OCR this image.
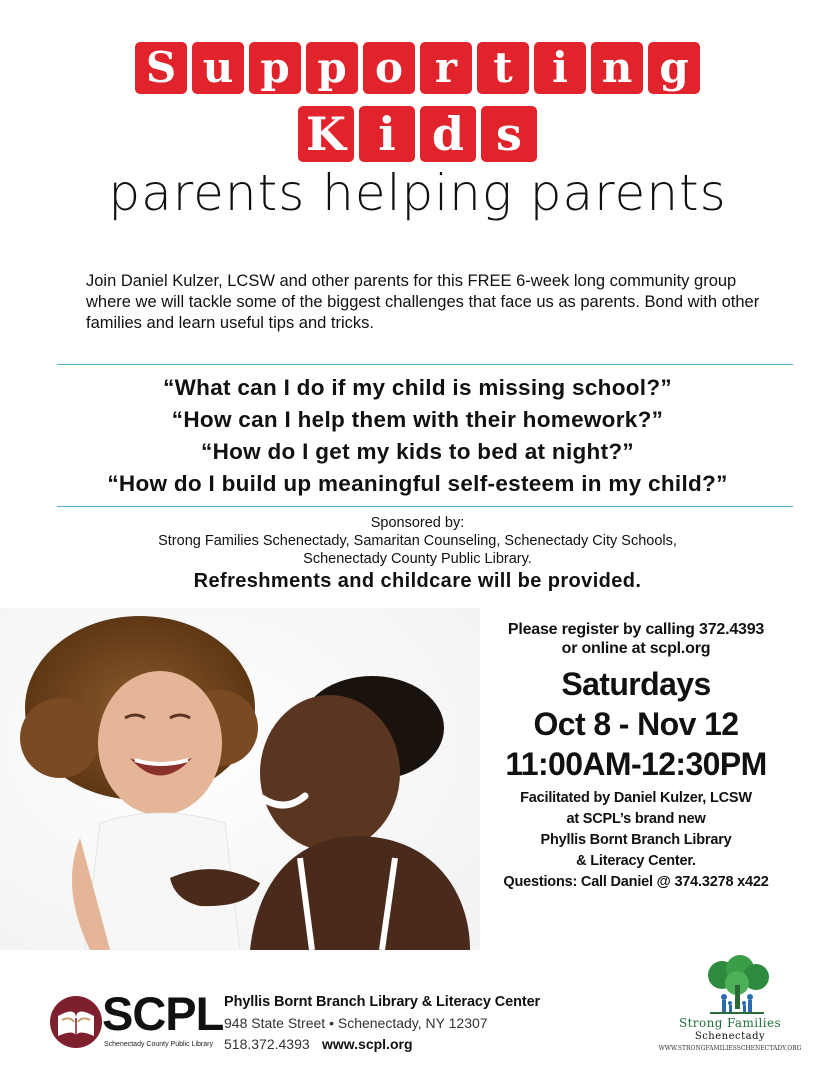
S u p p o r t i n g
K i d s
parents helping parents
Join Daniel Kulzer, LCSW and other parents for this FREE 6-week long community group where we will tackle some of the biggest challenges that face us as parents. Bond with other families and learn useful tips and tricks.
“What can I do if my child is missing school?”
“How can I help them with their homework?”
“How do I get my kids to bed at night?”
“How do I build up meaningful self-esteem in my child?”
Sponsored by:
Strong Families Schenectady, Samaritan Counseling, Schenectady City Schools,
Schenectady County Public Library.
Refreshments and childcare will be provided.
Please register by calling 372.4393
or online at scpl.org
Saturdays
Oct 8 - Nov 12
11:00AM-12:30PM
Facilitated by Daniel Kulzer, LCSW
at SCPL’s brand new
Phyllis Bornt Branch Library
& Literacy Center.
Questions: Call Daniel @ 374.3278 x422
SCPL
Schenectady County Public Library
Phyllis Bornt Branch Library & Literacy Center
948 State Street • Schenectady, NY 12307
518.372.4393 www.scpl.org
Strong Families
Schenectady
WWW.STRONGFAMILIESSCHENECTADY.ORG
